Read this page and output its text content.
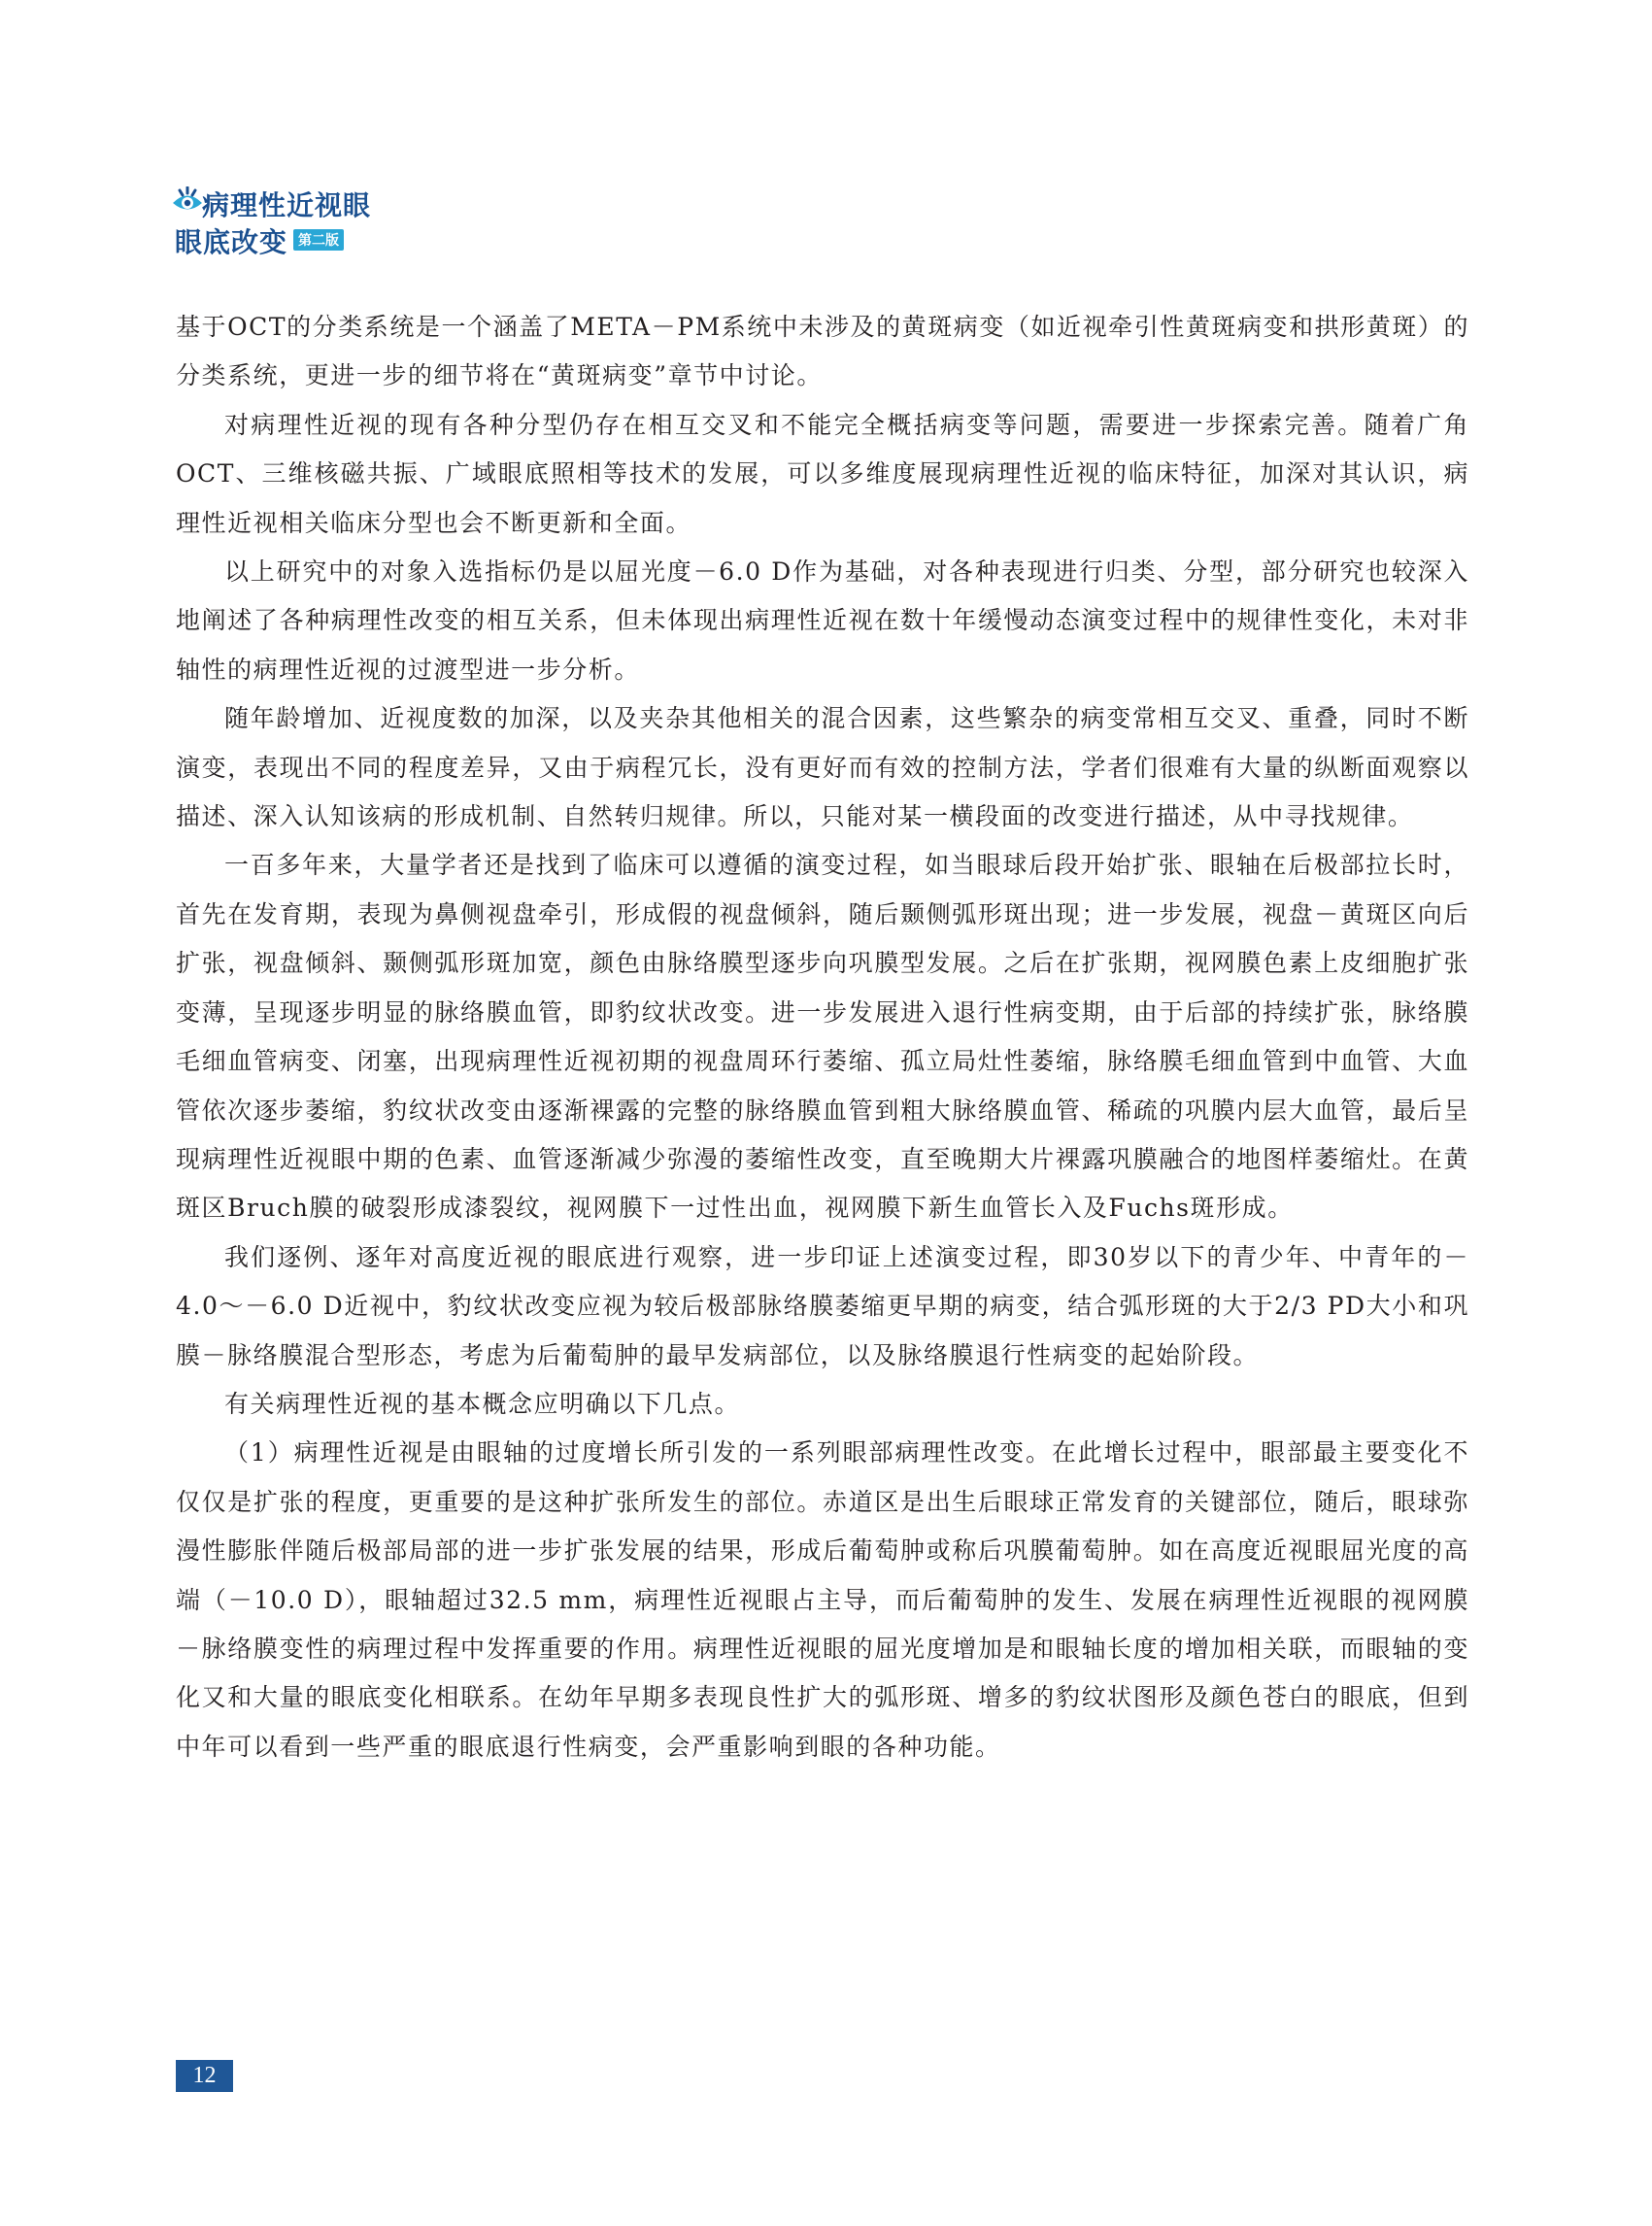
病理性近视眼
眼底改变 第二版

基于OCT的分类系统是一个涵盖了META－PM系统中未涉及的黄斑病变（如近视牵引性黄斑病变和拱形黄斑）的分类系统，更进一步的细节将在“黄斑病变”章节中讨论。

对病理性近视的现有各种分型仍存在相互交叉和不能完全概括病变等问题，需要进一步探索完善。随着广角OCT、三维核磁共振、广域眼底照相等技术的发展，可以多维度展现病理性近视的临床特征，加深对其认识，病理性近视相关临床分型也会不断更新和全面。

以上研究中的对象入选指标仍是以屈光度－6.0 D作为基础，对各种表现进行归类、分型，部分研究也较深入地阐述了各种病理性改变的相互关系，但未体现出病理性近视在数十年缓慢动态演变过程中的规律性变化，未对非轴性的病理性近视的过渡型进一步分析。

随年龄增加、近视度数的加深，以及夹杂其他相关的混合因素，这些繁杂的病变常相互交叉、重叠，同时不断演变，表现出不同的程度差异，又由于病程冗长，没有更好而有效的控制方法，学者们很难有大量的纵断面观察以描述、深入认知该病的形成机制、自然转归规律。所以，只能对某一横段面的改变进行描述，从中寻找规律。

一百多年来，大量学者还是找到了临床可以遵循的演变过程，如当眼球后段开始扩张、眼轴在后极部拉长时，首先在发育期，表现为鼻侧视盘牵引，形成假的视盘倾斜，随后颞侧弧形斑出现；进一步发展，视盘－黄斑区向后扩张，视盘倾斜、颞侧弧形斑加宽，颜色由脉络膜型逐步向巩膜型发展。之后在扩张期，视网膜色素上皮细胞扩张变薄，呈现逐步明显的脉络膜血管，即豹纹状改变。进一步发展进入退行性病变期，由于后部的持续扩张，脉络膜毛细血管病变、闭塞，出现病理性近视初期的视盘周环行萎缩、孤立局灶性萎缩，脉络膜毛细血管到中血管、大血管依次逐步萎缩，豹纹状改变由逐渐裸露的完整的脉络膜血管到粗大脉络膜血管、稀疏的巩膜内层大血管，最后呈现病理性近视眼中期的色素、血管逐渐减少弥漫的萎缩性改变，直至晚期大片裸露巩膜融合的地图样萎缩灶。在黄斑区Bruch膜的破裂形成漆裂纹，视网膜下一过性出血，视网膜下新生血管长入及Fuchs斑形成。

我们逐例、逐年对高度近视的眼底进行观察，进一步印证上述演变过程，即30岁以下的青少年、中青年的－4.0～－6.0 D近视中，豹纹状改变应视为较后极部脉络膜萎缩更早期的病变，结合弧形斑的大于2/3 PD大小和巩膜－脉络膜混合型形态，考虑为后葡萄肿的最早发病部位，以及脉络膜退行性病变的起始阶段。

有关病理性近视的基本概念应明确以下几点。

（1）病理性近视是由眼轴的过度增长所引发的一系列眼部病理性改变。在此增长过程中，眼部最主要变化不仅仅是扩张的程度，更重要的是这种扩张所发生的部位。赤道区是出生后眼球正常发育的关键部位，随后，眼球弥漫性膨胀伴随后极部局部的进一步扩张发展的结果，形成后葡萄肿或称后巩膜葡萄肿。如在高度近视眼屈光度的高端（－10.0 D），眼轴超过32.5 mm，病理性近视眼占主导，而后葡萄肿的发生、发展在病理性近视眼的视网膜－脉络膜变性的病理过程中发挥重要的作用。病理性近视眼的屈光度增加是和眼轴长度的增加相关联，而眼轴的变化又和大量的眼底变化相联系。在幼年早期多表现良性扩大的弧形斑、增多的豹纹状图形及颜色苍白的眼底，但到中年可以看到一些严重的眼底退行性病变，会严重影响到眼的各种功能。

12
